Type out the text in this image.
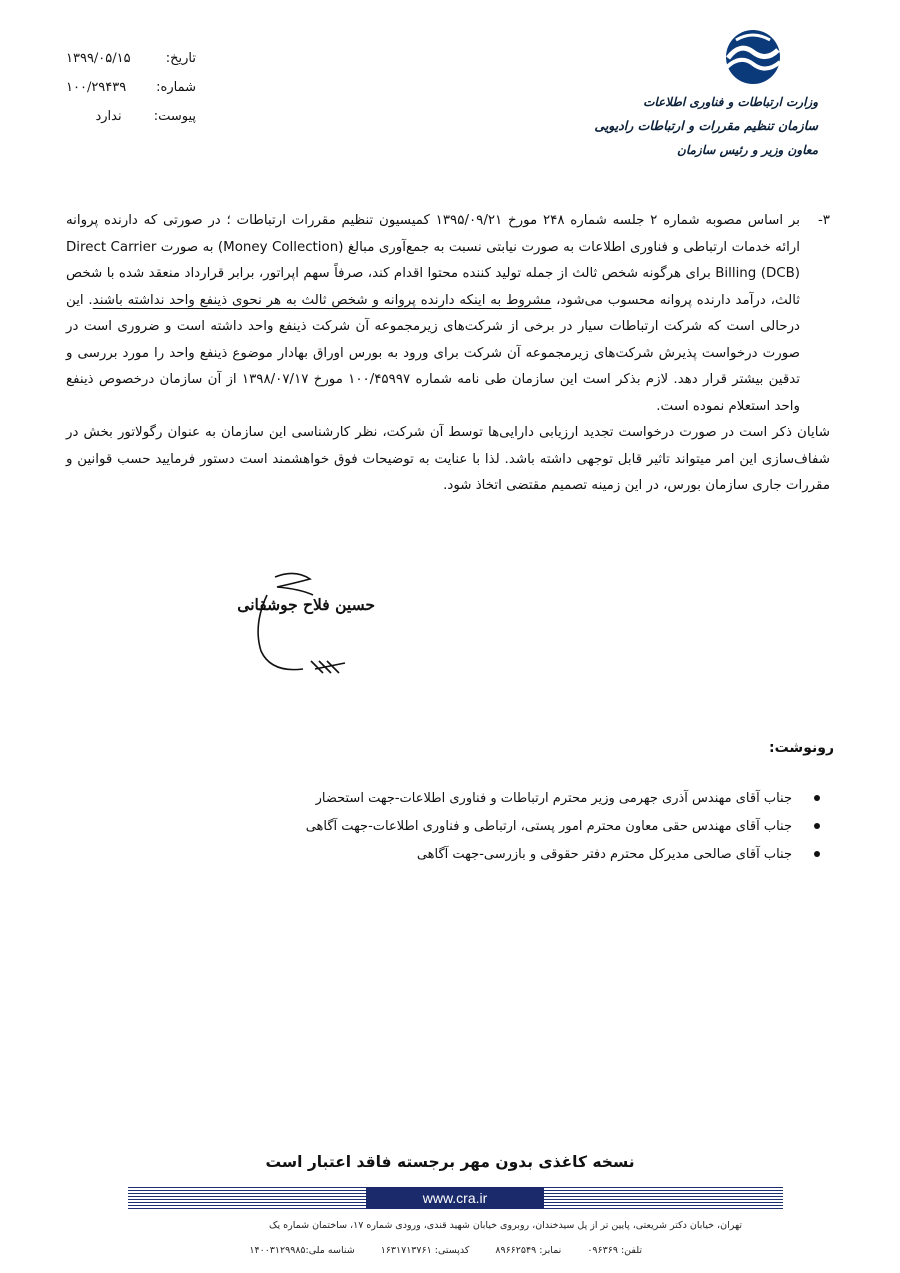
تاریخ:
۱۳۹۹/۰۵/۱۵
شماره:
۱۰۰/۲۹۴۳۹
پیوست:
ندارد
وزارت ارتباطات و فناوری اطلاعات
سازمان تنظیم مقررات و ارتباطات رادیویی
معاون وزیر و رئیس سازمان
۳-
بر اساس مصوبه شماره ۲ جلسه شماره ۲۴۸ مورخ ۱۳۹۵/۰۹/۲۱ کمیسیون تنظیم مقررات ارتباطات ؛ در صورتی که دارنده پروانه ارائه خدمات ارتباطی و فناوری اطلاعات به صورت نیابتی نسبت به جمع‌آوری مبالغ (Money Collection) به صورت Direct Carrier Billing (DCB) برای هرگونه شخص ثالث از جمله تولید کننده محتوا اقدام کند، صرفاً سهم اپراتور، برابر قرارداد منعقد شده با شخص ثالث، درآمد دارنده پروانه محسوب می‌شود، مشروط به اینکه دارنده پروانه و شخص ثالث به هر نحوی ذینفع واحد نداشته باشند. این درحالی است که شرکت ارتباطات سیار در برخی از شرکت‌های زیرمجموعه آن شرکت ذینفع واحد داشته است و ضروری است در صورت درخواست پذیرش شرکت‌های زیرمجموعه آن شرکت برای ورود به بورس اوراق بهادار موضوع ذینفع واحد را مورد بررسی و تدقین بیشتر قرار دهد. لازم بذکر است این سازمان طی نامه شماره ۱۰۰/۴۵۹۹۷ مورخ ۱۳۹۸/۰۷/۱۷ از آن سازمان درخصوص ذینفع واحد استعلام نموده است.
شایان ذکر است در صورت درخواست تجدید ارزیابی دارایی‌ها توسط آن شرکت، نظر کارشناسی این سازمان به عنوان رگولاتور بخش در شفاف‌سازی این امر میتواند تاثیر قابل توجهی داشته باشد. لذا با عنایت به توضیحات فوق خواهشمند است دستور فرمایید حسب قوانین و مقررات جاری سازمان بورس، در این زمینه تصمیم مقتضی اتخاذ شود.
حسین فلاح جوشقانی
رونوشت:
جناب آقای مهندس آذری جهرمی وزیر محترم ارتباطات و فناوری اطلاعات-جهت استحضار
جناب آقای مهندس حقی معاون محترم امور پستی، ارتباطی و فناوری اطلاعات-جهت آگاهی
جناب آقای صالحی مدیرکل محترم دفتر حقوقی و بازرسی-جهت آگاهی
نسخه کاغذی بدون مهر برجسته فاقد اعتبار است
www.cra.ir
تهران، خیابان دکتر شریعتی، پایین تر از پل سیدخندان، روبروی خیابان شهید قندی، ورودی شماره ۱۷، ساختمان شماره یک
تلفن: ۰۹۶۳۶۹
نمابر: ۸۹۶۶۲۵۴۹
کدپستی: ۱۶۳۱۷۱۳۷۶۱
شناسه ملی:۱۴۰۰۳۱۲۹۹۸۵
